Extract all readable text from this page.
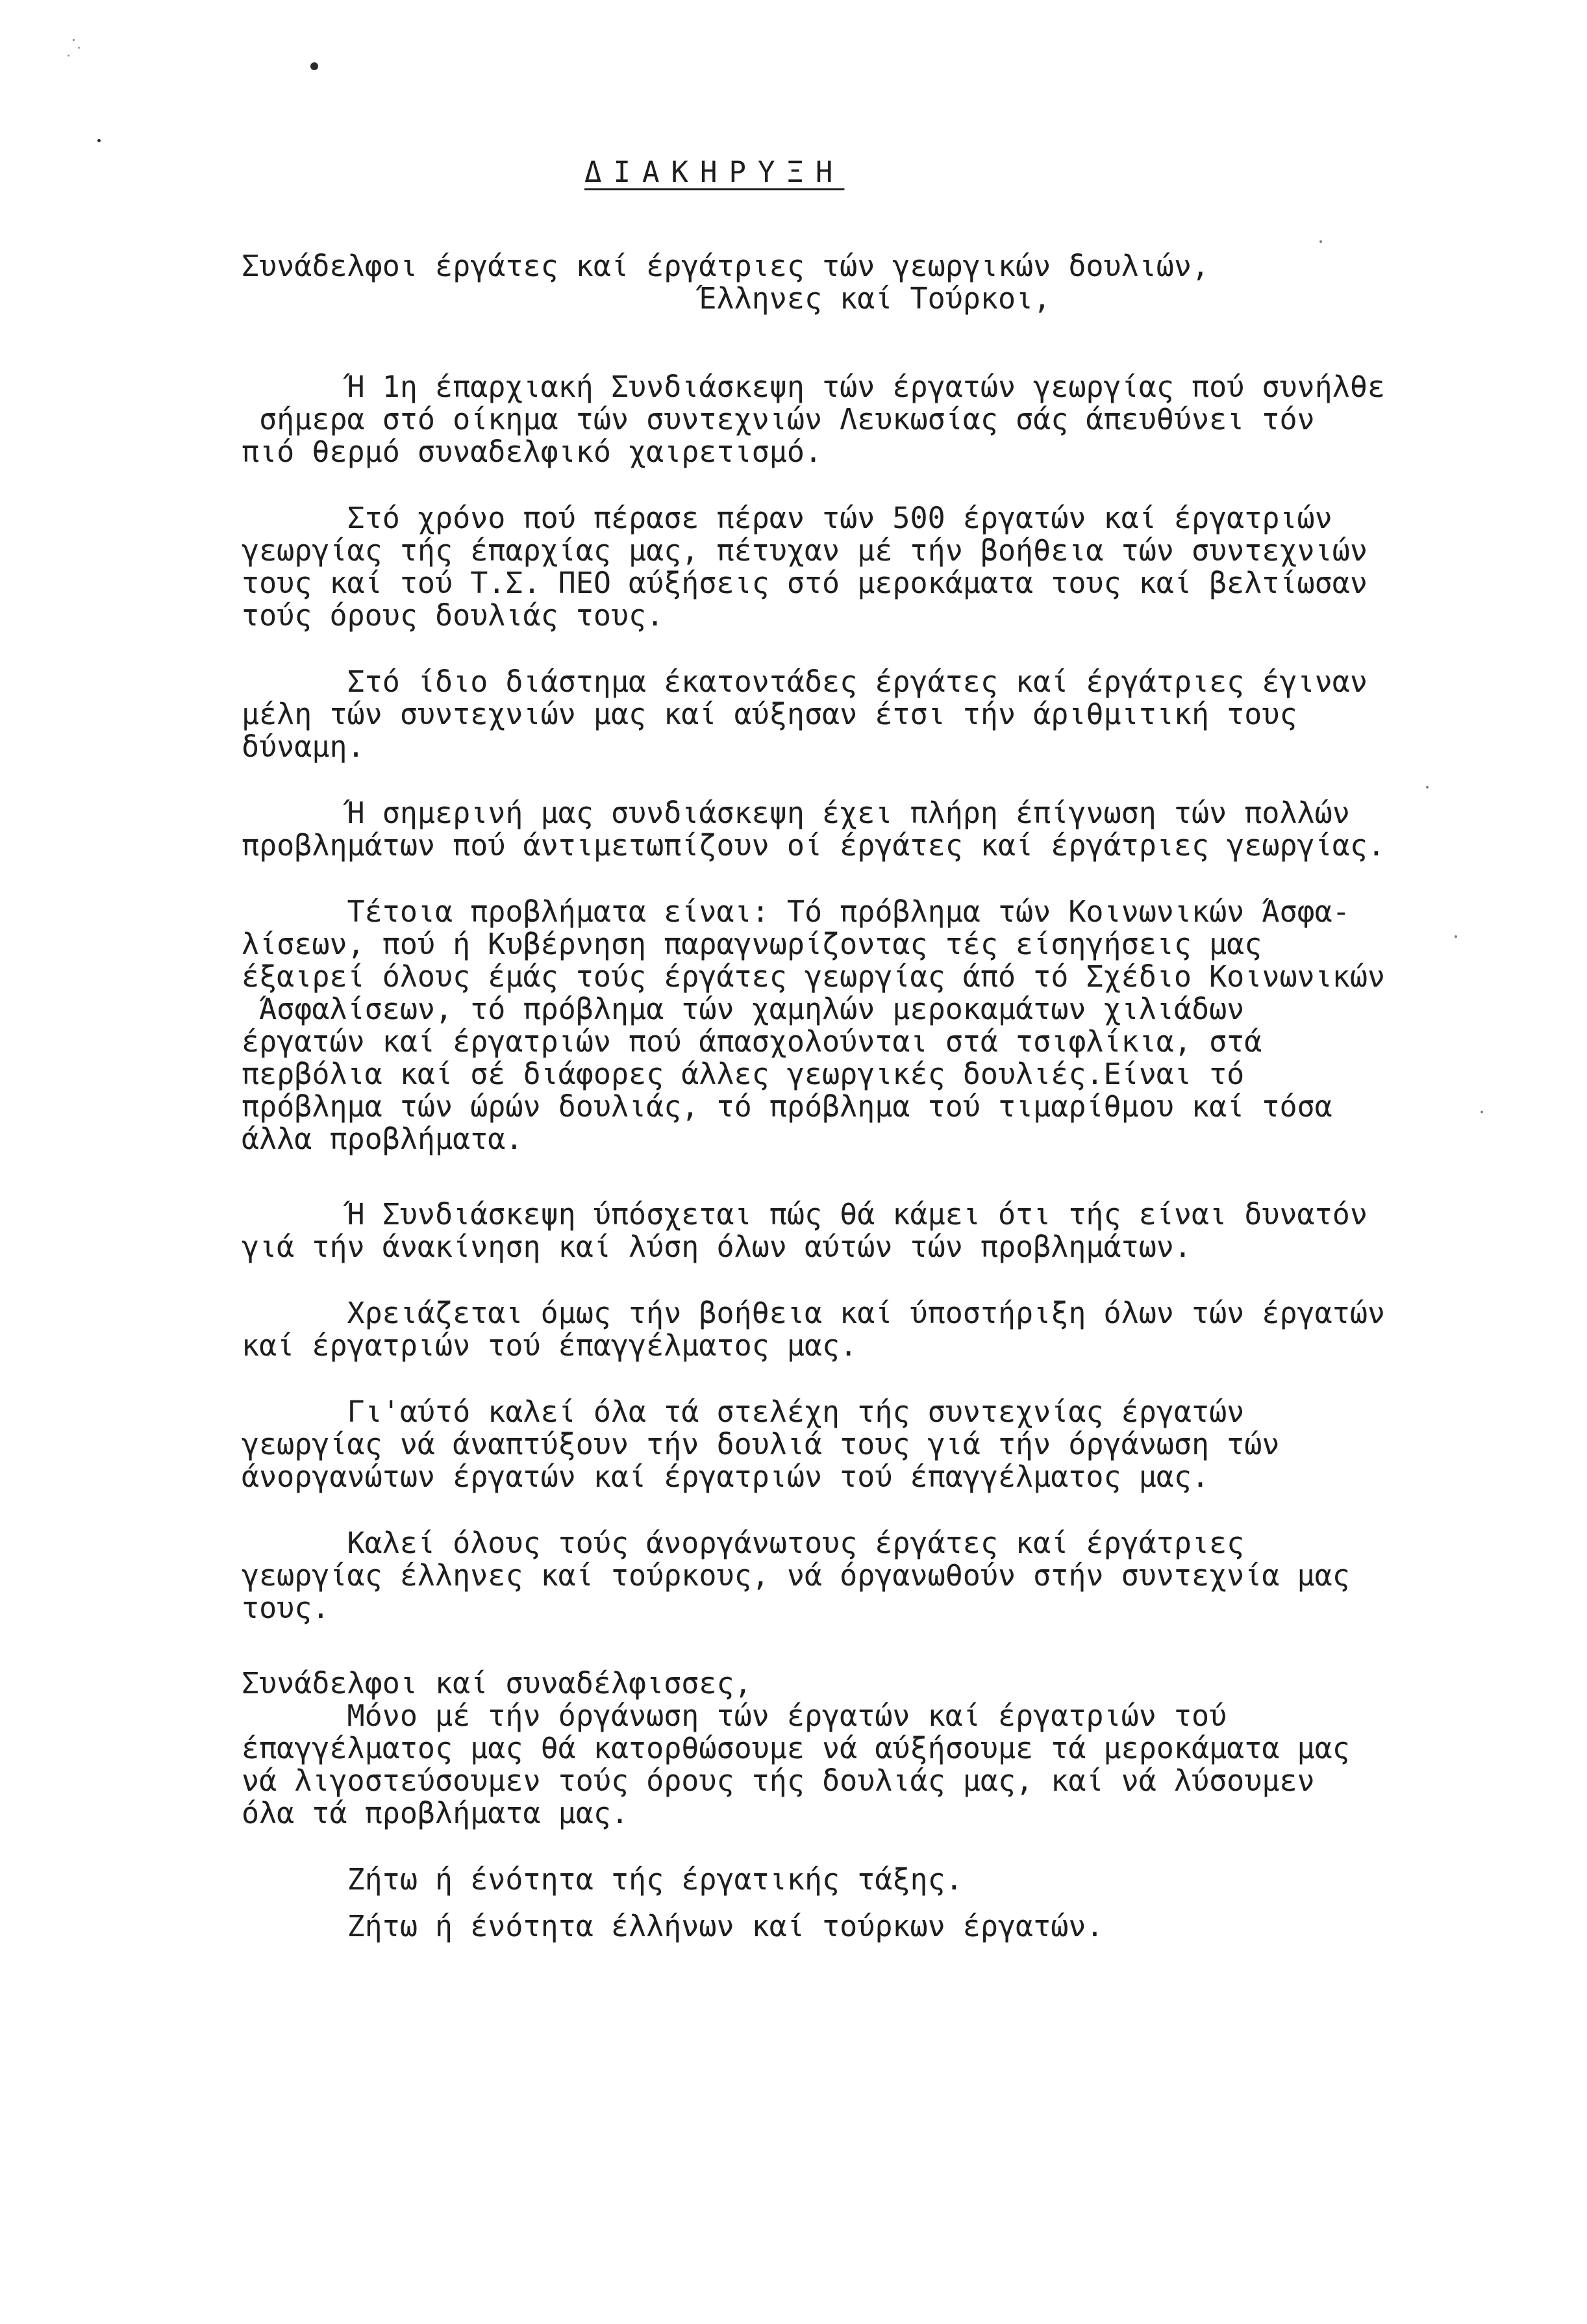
ΔΙΑΚΗΡΥΞΗ
Συνάδελφοι έργάτες καί έργάτριες τών γεωργικών δουλιών,
Έλληνες καί Τούρκοι,
Ή 1η έπαρχιακή Συνδιάσκεψη τών έργατών γεωργίας πού συνήλθε
σήμερα στό οίκημα τών συντεχνιών Λευκωσίας σάς άπευθύνει τόν
πιό θερμό συναδελφικό χαιρετισμό.
Στό χρόνο πού πέρασε πέραν τών 500 έργατών καί έργατριών
γεωργίας τής έπαρχίας μας, πέτυχαν μέ τήν βοήθεια τών συντεχνιών
τους καί τού Τ.Σ. ΠΕΟ αύξήσεις στό μεροκάματα τους καί βελτίωσαν
τούς όρους δουλιάς τους.
Στό ίδιο διάστημα έκατοντάδες έργάτες καί έργάτριες έγιναν
μέλη τών συντεχνιών μας καί αύξησαν έτσι τήν άριθμιτική τους
δύναμη.
Ή σημερινή μας συνδιάσκεψη έχει πλήρη έπίγνωση τών πολλών
προβλημάτων πού άντιμετωπίζουν οί έργάτες καί έργάτριες γεωργίας.
Τέτοια προβλήματα είναι: Τό πρόβλημα τών Κοινωνικών Άσφα-
λίσεων, πού ή Κυβέρνηση παραγνωρίζοντας τές είσηγήσεις μας
έξαιρεί όλους έμάς τούς έργάτες γεωργίας άπό τό Σχέδιο Κοινωνικών
Άσφαλίσεων, τό πρόβλημα τών χαμηλών μεροκαμάτων χιλιάδων
έργατών καί έργατριών πού άπασχολούνται στά τσιφλίκια, στά
περβόλια καί σέ διάφορες άλλες γεωργικές δουλιές.Είναι τό
πρόβλημα τών ώρών δουλιάς, τό πρόβλημα τού τιμαρίθμου καί τόσα
άλλα προβλήματα.
Ή Συνδιάσκεψη ύπόσχεται πώς θά κάμει ότι τής είναι δυνατόν
γιά τήν άνακίνηση καί λύση όλων αύτών τών προβλημάτων.
Χρειάζεται όμως τήν βοήθεια καί ύποστήριξη όλων τών έργατών
καί έργατριών τού έπαγγέλματος μας.
Γι'αύτό καλεί όλα τά στελέχη τής συντεχνίας έργατών
γεωργίας νά άναπτύξουν τήν δουλιά τους γιά τήν όργάνωση τών
άνοργανώτων έργατών καί έργατριών τού έπαγγέλματος μας.
Καλεί όλους τούς άνοργάνωτους έργάτες καί έργάτριες
γεωργίας έλληνες καί τούρκους, νά όργανωθούν στήν συντεχνία μας
τους.
Συνάδελφοι καί συναδέλφισσες,
Μόνο μέ τήν όργάνωση τών έργατών καί έργατριών τού
έπαγγέλματος μας θά κατορθώσουμε νά αύξήσουμε τά μεροκάματα μας
νά λιγοστεύσουμεν τούς όρους τής δουλιάς μας, καί νά λύσουμεν
όλα τά προβλήματα μας.
Ζήτω ή ένότητα τής έργατικής τάξης.
Ζήτω ή ένότητα έλλήνων καί τούρκων έργατών.
